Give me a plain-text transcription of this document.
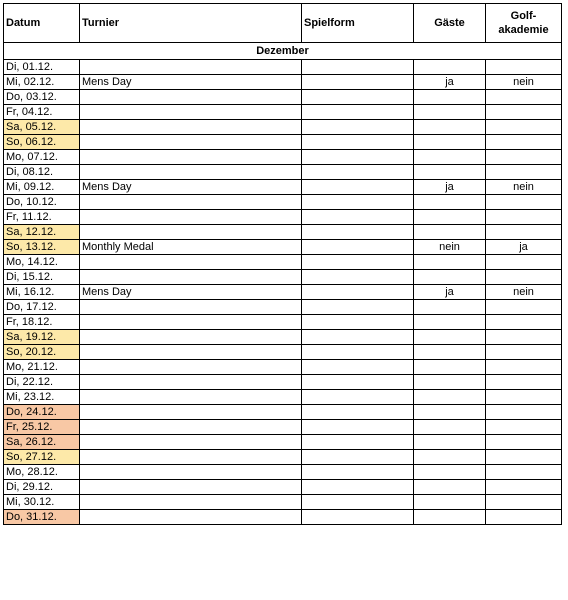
Datum	Turnier	Spielform	Gäste	Golf-
akademie
Dezember				
Di, 01.12.				
Mi, 02.12.	Mens Day		ja	nein
Do, 03.12.				
Fr, 04.12.				
Sa, 05.12.				
So, 06.12.				
Mo, 07.12.				
Di, 08.12.				
Mi, 09.12.	Mens Day		ja	nein
Do, 10.12.				
Fr, 11.12.				
Sa, 12.12.				
So, 13.12.	Monthly Medal		nein	ja
Mo, 14.12.				
Di, 15.12.				
Mi, 16.12.	Mens Day		ja	nein
Do, 17.12.				
Fr, 18.12.				
Sa, 19.12.				
So, 20.12.				
Mo, 21.12.				
Di, 22.12.				
Mi, 23.12.				
Do, 24.12.				
Fr, 25.12.				
Sa, 26.12.				
So, 27.12.				
Mo, 28.12.				
Di, 29.12.				
Mi, 30.12.				
Do, 31.12.				
